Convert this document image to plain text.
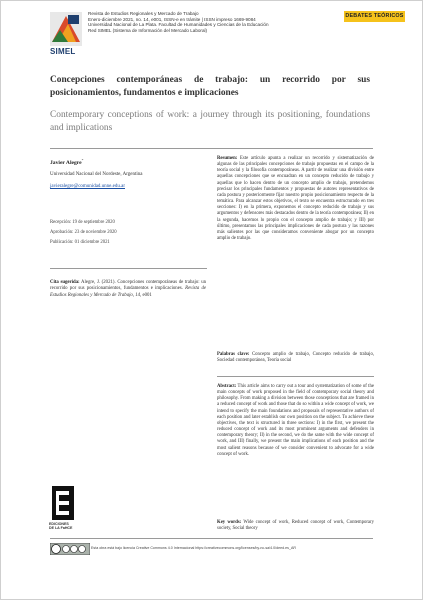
SIMEL
Revista de Estudios Regionales y Mercado de Trabajo
Enero-diciembre 2021, no. 14, e001, ISSN-e en trámite | ISSN impreso 1669-9084
Universidad Nacional de La Plata. Facultad de Humanidades y Ciencias de la Educación
Red SIMEL (Sistema de Información del Mercado Laboral)
DEBATES TEÓRICOS
Concepciones contemporáneas de trabajo: un recorrido por sus posicionamientos, fundamentos e implicaciones
Contemporary conceptions of work: a journey through its positioning, foundations and implications
Javier Alegre*
Universidad Nacional del Nordeste, Argentina
javieralegre@comunidad.unne.edu.ar
Recepción: 19 de septiembre 2020
Aprobación: 23 de noviembre 2020
Publicación: 01 diciembre 2021
Cita sugerida: Alegre, J. (2021). Concepciones contemporáneas de trabajo: un recorrido por sus posicionamientos, fundamentos e implicaciones. Revista de Estudios Regionales y Mercado de Trabajo, 14, e001

Resumen: Este artículo apunta a realizar un recorrido y sistematización de algunas de las principales concepciones de trabajo propuestas en el campo de la teoría social y la filosofía contemporáneas. A partir de realizar una división entre aquellas concepciones que se encuadran en un concepto reducido de trabajo y aquellas que lo hacen dentro de un concepto amplio de trabajo, pretendemos precisar los principales fundamentos y propuestas de autores representativos de cada postura y posteriormente fijar nuestro propio posicionamiento respecto de la temática. Para alcanzar estos objetivos, el texto se encuentra estructurado en tres secciones: I) en la primera, exponemos el concepto reducido de trabajo y sus argumentos y defensores más destacados dentro de la teoría contemporánea; II) en la segunda, hacemos lo propio con el concepto amplio de trabajo; y III) por último, presentamos las principales implicaciones de cada postura y las razones más salientes por las que consideramos conveniente abogar por un concepto amplio de trabajo.

Palabras clave: Concepto amplio de trabajo, Concepto reducido de trabajo, Sociedad contemporánea, Teoría social

Abstract: This article aims to carry out a tour and systematization of some of the main concepts of work proposed in the field of contemporary social theory and philosophy. From making a division between those conceptions that are framed in a reduced concept of work and those that do so within a wide concept of work, we intend to specify the main foundations and proposals of representative authors of each position and later establish our own position on the subject. To achieve these objectives, the text is structured in three sections: I) in the first, we present the reduced concept of work and its most prominent arguments and defenders in contemporary theory; II) in the second, we do the same with the wide concept of work, and III) finally, we present the main implications of each position and the most salient reasons because of we consider convenient to advocate for a wide concept of work.

Key words: Wide concept of work, Reduced concept of work, Contemporary society, Social theory

EDICIONES
DE LA FaHCE
Esta obra está bajo licencia Creative Commons 4.0 Internacional https://creativecommons.org/licenses/by-nc-sa/4.0/deed.es_AR
